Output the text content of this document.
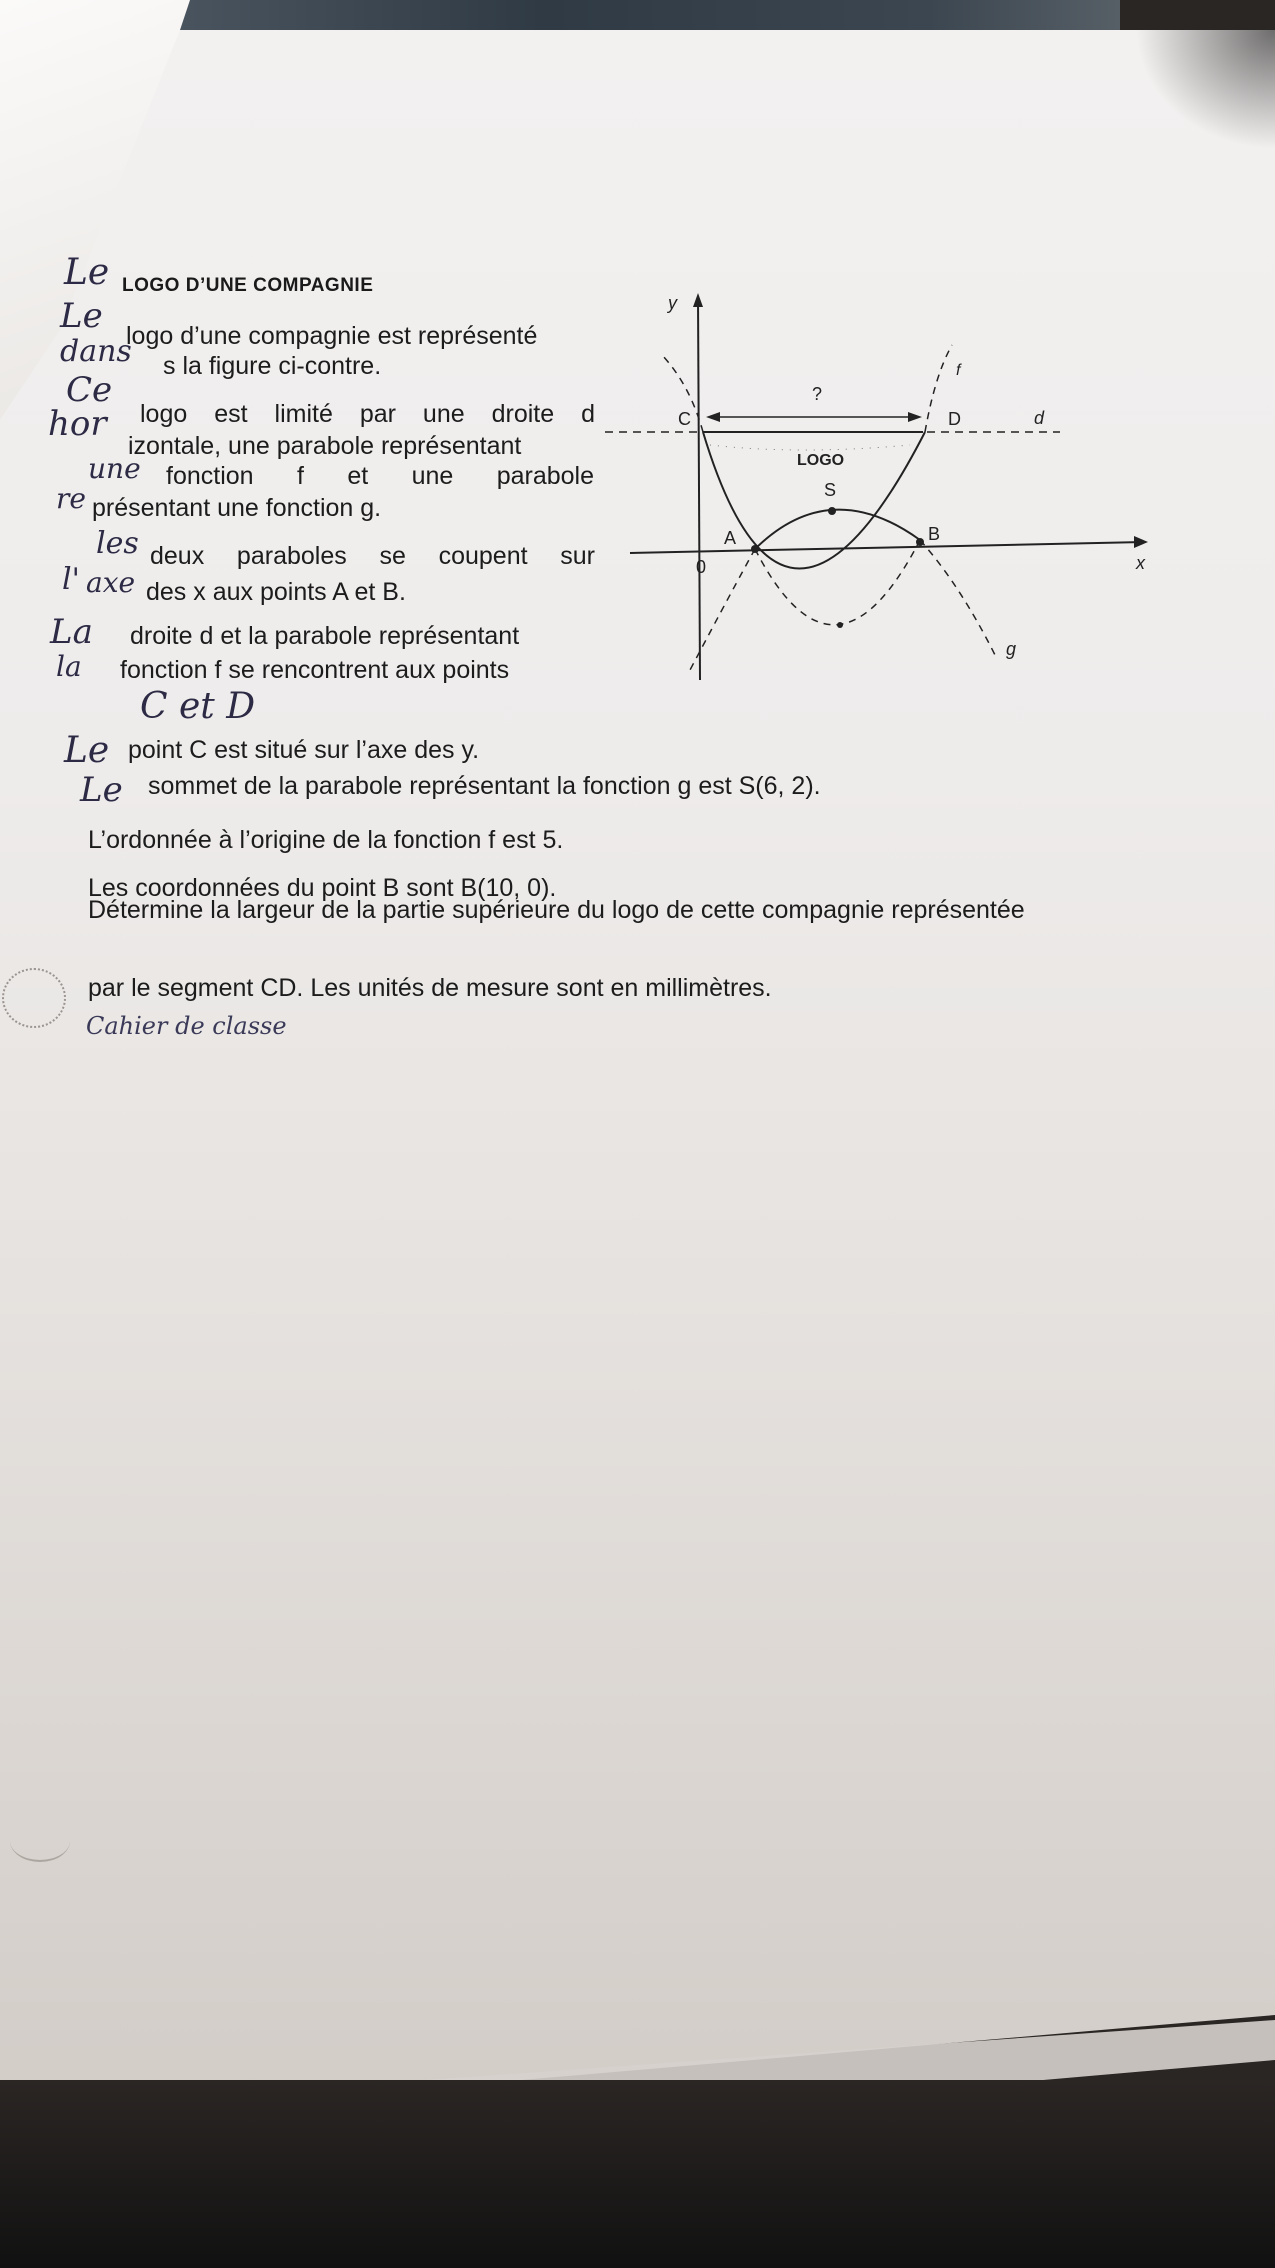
Le LOGO D’UNE COMPAGNIE
Le logo d’une compagnie est représenté
dans s la figure ci-contre.
Ce
logo est limité par une droite d
hor
izontale, une parabole représentant
une fonction f et une parabole
re présentant une fonction g.
les deux paraboles se coupent sur
l' axe des x aux points A et B.
La droite d et la parabole représentant
la fonction f se rencontrent aux points
C et D
Le point C est situé sur l’axe des y.
Le sommet de la parabole représentant la fonction g est S(6, 2).
L’ordonnée à l’origine de la fonction f est 5.
Les coordonnées du point B sont B(10, 0).
Détermine la largeur de la partie supérieure du logo de cette compagnie représentée
par le segment CD. Les unités de mesure sont en millimètres.
Cahier de classe
y
x
0
d
?
C	D
f
LOGO
g
S
A	B
